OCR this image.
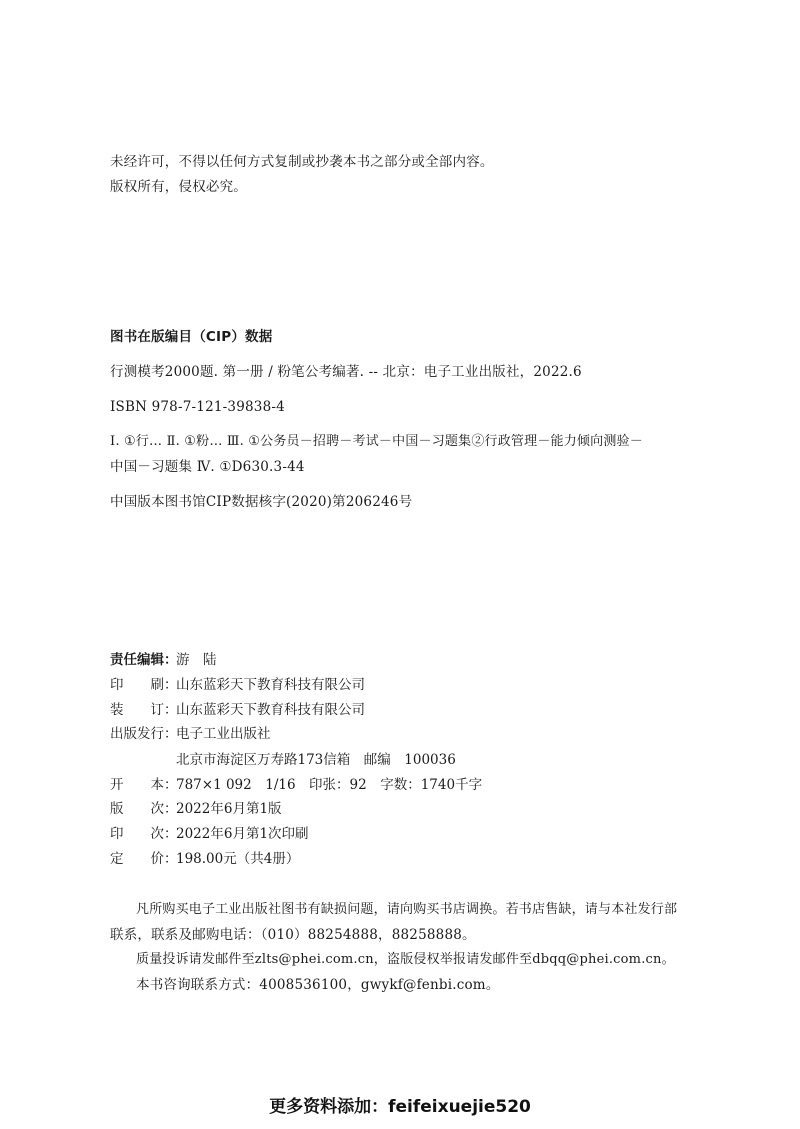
未经许可，不得以任何方式复制或抄袭本书之部分或全部内容。
版权所有，侵权必究。
图书在版编目（CIP）数据
行测模考2000题. 第一册 / 粉笔公考编著. -- 北京：电子工业出版社，2022.6
ISBN 978-7-121-39838-4
Ⅰ. ①行… Ⅱ. ①粉… Ⅲ. ①公务员－招聘－考试－中国－习题集②行政管理－能力倾向测验－
中国－习题集 Ⅳ. ①D630.3-44
中国版本图书馆CIP数据核字(2020)第206246号
责任编辑：
游　陆
印　　刷：
山东蓝彩天下教育科技有限公司
装　　订：
山东蓝彩天下教育科技有限公司
出版发行：
电子工业出版社
北京市海淀区万寿路173信箱　邮编　100036
开　　本：
787×1 092　1/16　印张：92　字数：1740千字
版　　次：
2022年6月第1版
印　　次：
2022年6月第1次印刷
定　　价：
198.00元（共4册）
凡所购买电子工业出版社图书有缺损问题，请向购买书店调换。若书店售缺，请与本社发行部
联系，联系及邮购电话：（010）88254888，88258888。
质量投诉请发邮件至zlts@phei.com.cn，盗版侵权举报请发邮件至dbqq@phei.com.cn。
本书咨询联系方式：4008536100，gwykf@fenbi.com。
更多资料添加：feifeixuejie520
